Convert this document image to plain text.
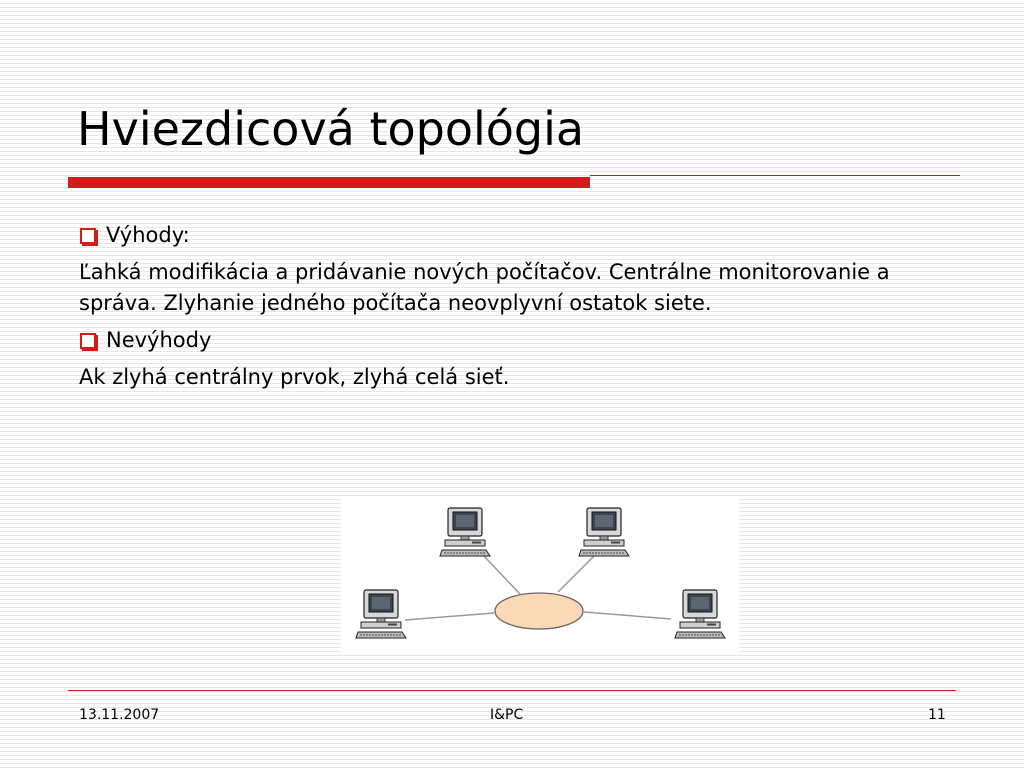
Hviezdicová topológia
Výhody:

Ľahká modifikácia a pridávanie nových počítačov. Centrálne monitorovanie a správa. Zlyhanie jedného počítača neovplyvní ostatok siete.

Nevýhody

Ak zlyhá centrálny prvok, zlyhá celá sieť.

13.11.2007	I&PC	11
